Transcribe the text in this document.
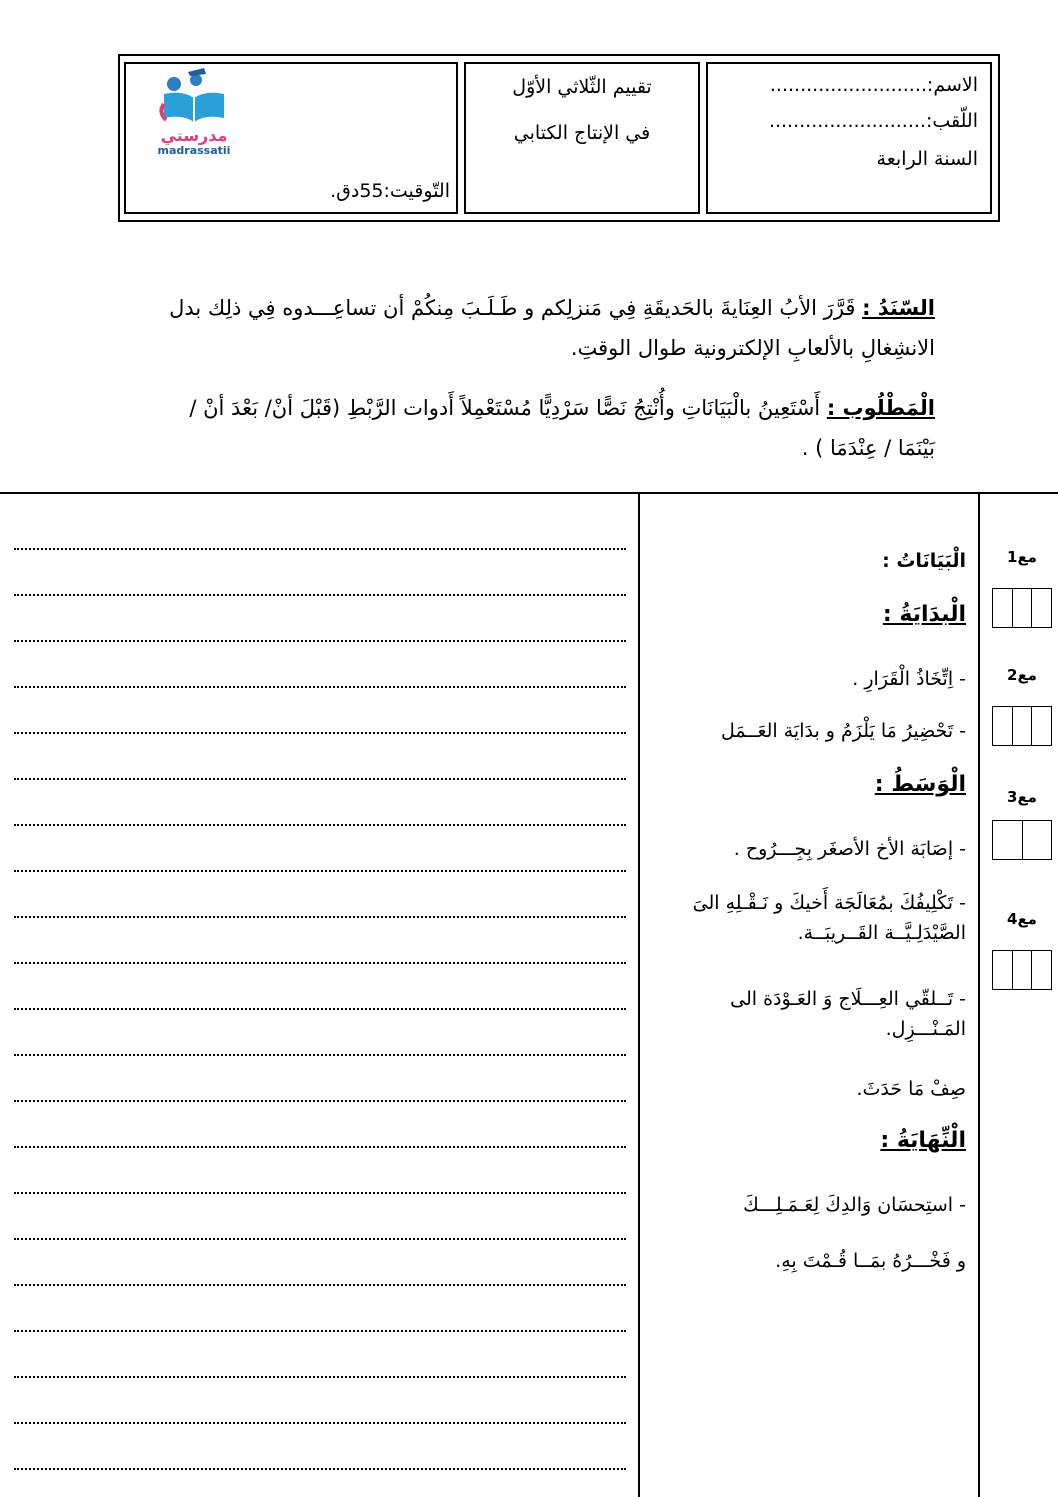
الاسم:..........................
اللّقب:..........................
السنة الرابعة
تقييم الثّلاثي الأوّل
في الإنتاج الكتابي
مدرستي
madrassatii
التّوقيت:55دق.
السّنَدُ : قَرَّرَ الأبُ العِنَايةَ بالحَديقَةِ فِي مَنزلِكم و طَـلَـبَ مِنكُمْ أن تساعِـــدوه فِي ذلِك بدل الانشِغالِ بالألعابِ الإلكترونية طوال الوقتِ.
الْمَطْلُوب : أَسْتَعِينُ بالْبَيَانَاتِ وأُنْتِجُ نَصًّا سَرْدِيًّا مُسْتَعْمِلاً أَدوات الرَّبْطِ (قَبْلَ أنْ/ بَعْدَ أنْ / بَيْنَمَا / عِنْدَمَا ) .
الْبَيَانَاتُ :
الْبدَايَةُ :
- اِتِّخَاذُ الْقَرَارِ .
- تَحْضِيرُ مَا يَلْزَمُ و بدَايَة العَــمَل
الْوَسَطُ :
- إصَابَة الأخ الأصغَر بِجِـــرُوح .
- تَكْلِيفُكَ بمُعَالَجَة أَخيكَ و نَـقْـلِهِ الىَ الصَّيْدَلِـيَّــة القَــريبَــة.
- تَــلقّي العِـــلَاج وَ العَـوْدَة الى المَـنْـــزِل.
صِفْ مَا حَدَثَ.
الْنِّهَايَةُ :
- استِحسَان وَالدِكَ لِعَـمَـلِـــكَ
و فَخْـــرُهُ بمَــا قُـمْتَ بِهِ.
مع1
مع2
مع3
مع4
